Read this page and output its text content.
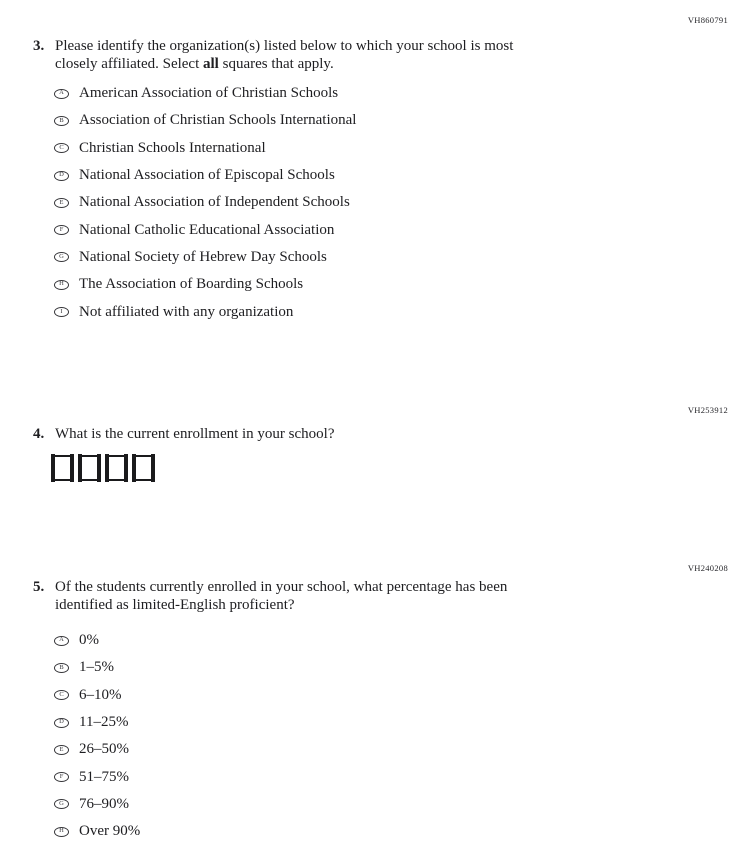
VH860791
3. Please identify the organization(s) listed below to which your school is most
closely affiliated. Select all squares that apply.
A	American Association of Christian Schools
B	Association of Christian Schools International
C	Christian Schools International
D	National Association of Episcopal Schools
E	National Association of Independent Schools
F	National Catholic Educational Association
G	National Society of Hebrew Day Schools
H	The Association of Boarding Schools
I	Not affiliated with any organization
VH253912
4. What is the current enrollment in your school?
VH240208
5. Of the students currently enrolled in your school, what percentage has been
identified as limited-English proficient?
A	0%
B	1–5%
C	6–10%
D	11–25%
E	26–50%
F	51–75%
G	76–90%
H	Over 90%
